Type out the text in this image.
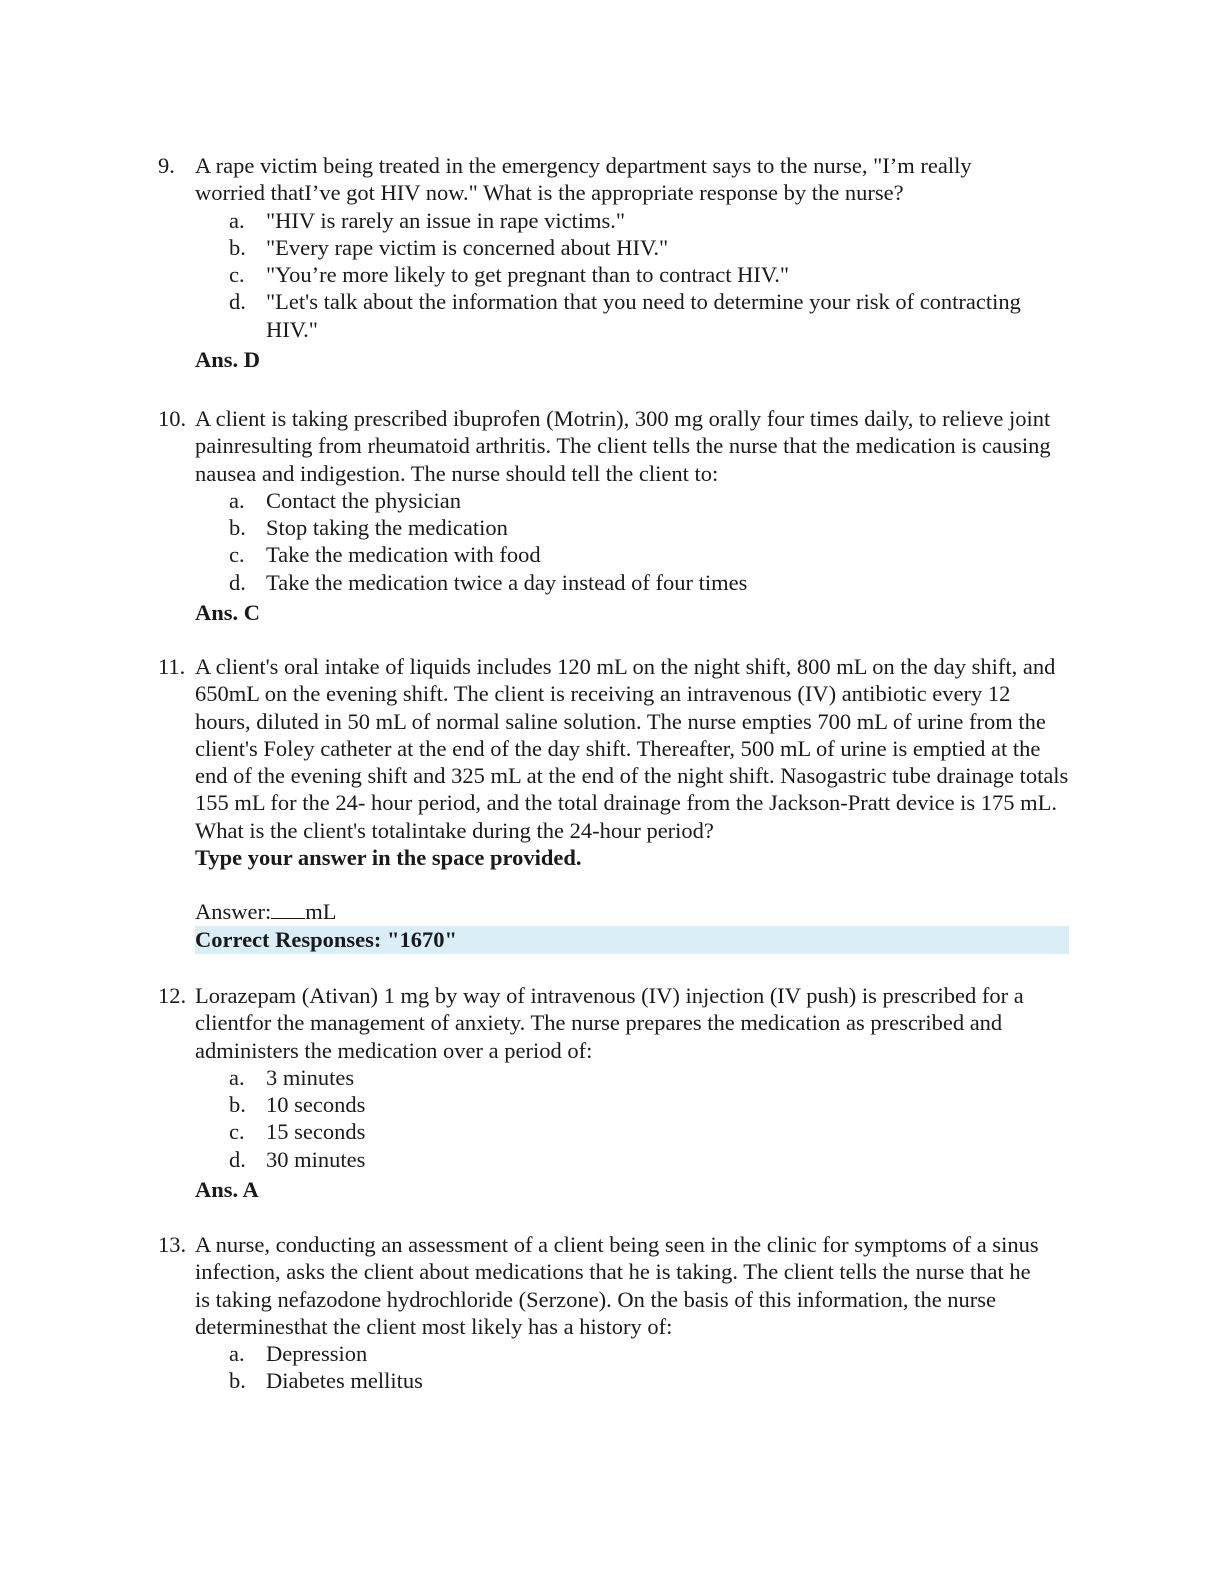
9. A rape victim being treated in the emergency department says to the nurse, "I’m really worried thatI’ve got HIV now." What is the appropriate response by the nurse?

a. "HIV is rarely an issue in rape victims."
b. "Every rape victim is concerned about HIV."
c. "You’re more likely to get pregnant than to contract HIV."
d. "Let's talk about the information that you need to determine your risk of contracting HIV."
Ans. D
10. A client is taking prescribed ibuprofen (Motrin), 300 mg orally four times daily, to relieve joint painresulting from rheumatoid arthritis. The client tells the nurse that the medication is causing nausea and indigestion. The nurse should tell the client to:

a. Contact the physician
b. Stop taking the medication
c. Take the medication with food
d. Take the medication twice a day instead of four times
Ans. C
11. A client's oral intake of liquids includes 120 mL on the night shift, 800 mL on the day shift, and 650mL on the evening shift. The client is receiving an intravenous (IV) antibiotic every 12 hours, diluted in 50 mL of normal saline solution. The nurse empties 700 mL of urine from the client's Foley catheter at the end of the day shift. Thereafter, 500 mL of urine is emptied at the end of the evening shift and 325 mL at the end of the night shift. Nasogastric tube drainage totals 155 mL for the 24- hour period, and the total drainage from the Jackson-Pratt device is 175 mL. What is the client's totalintake during the 24-hour period?

Type your answer in the space provided.
Answer: mL
Correct Responses: "1670"
12. Lorazepam (Ativan) 1 mg by way of intravenous (IV) injection (IV push) is prescribed for a clientfor the management of anxiety. The nurse prepares the medication as prescribed and administers the medication over a period of:

a. 3 minutes
b. 10 seconds
c. 15 seconds
d. 30 minutes
Ans. A
13. A nurse, conducting an assessment of a client being seen in the clinic for symptoms of a sinus infection, asks the client about medications that he is taking. The client tells the nurse that he is taking nefazodone hydrochloride (Serzone). On the basis of this information, the nurse determinesthat the client most likely has a history of:

a. Depression
b. Diabetes mellitus
